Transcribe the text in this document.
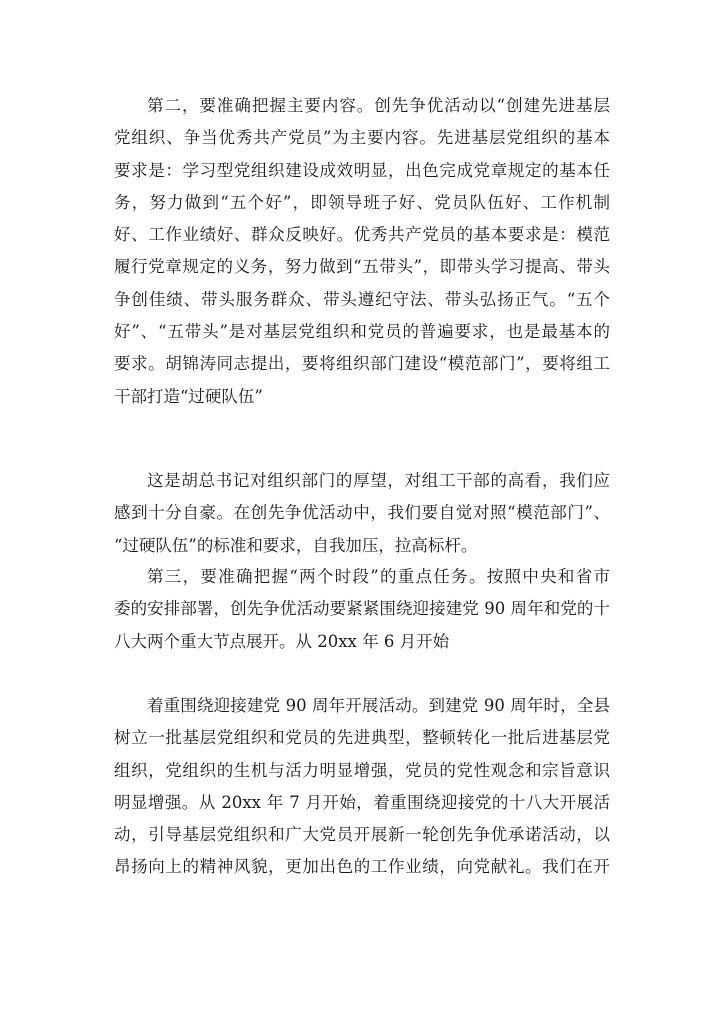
第二，要准确把握主要内容。创先争优活动以“创建先进基层
党组织、争当优秀共产党员”为主要内容。先进基层党组织的基本
要求是：学习型党组织建设成效明显，出色完成党章规定的基本任
务，努力做到“五个好”，即领导班子好、党员队伍好、工作机制
好、工作业绩好、群众反映好。优秀共产党员的基本要求是：模范
履行党章规定的义务，努力做到“五带头”，即带头学习提高、带头
争创佳绩、带头服务群众、带头遵纪守法、带头弘扬正气。“五个
好”、“五带头”是对基层党组织和党员的普遍要求，也是最基本的
要求。胡锦涛同志提出，要将组织部门建设“模范部门”，要将组工
干部打造“过硬队伍”
这是胡总书记对组织部门的厚望，对组工干部的高看，我们应
感到十分自豪。在创先争优活动中，我们要自觉对照“模范部门”、
“过硬队伍”的标准和要求，自我加压，拉高标杆。
第三，要准确把握“两个时段”的重点任务。按照中央和省市
委的安排部署，创先争优活动要紧紧围绕迎接建党 90 周年和党的十
八大两个重大节点展开。从 20xx 年 6 月开始
着重围绕迎接建党 90 周年开展活动。到建党 90 周年时，全县
树立一批基层党组织和党员的先进典型，整顿转化一批后进基层党
组织，党组织的生机与活力明显增强，党员的党性观念和宗旨意识
明显增强。从 20xx 年 7 月开始，着重围绕迎接党的十八大开展活
动，引导基层党组织和广大党员开展新一轮创先争优承诺活动，以
昂扬向上的精神风貌，更加出色的工作业绩，向党献礼。我们在开
